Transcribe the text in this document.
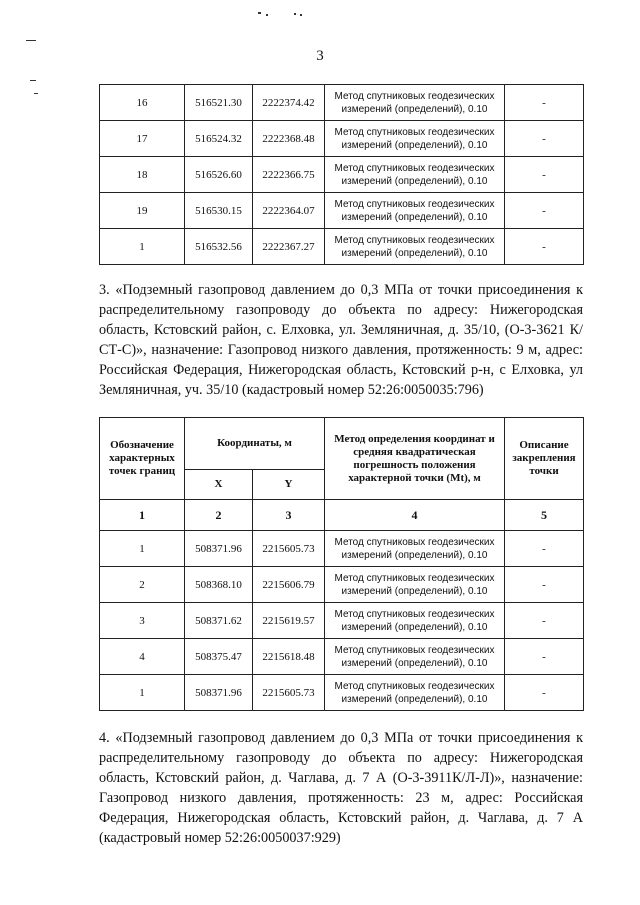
3
16	516521.30	2222374.42	Метод спутниковых геодезических измерений (определений), 0.10	-
17	516524.32	2222368.48	Метод спутниковых геодезических измерений (определений), 0.10	-
18	516526.60	2222366.75	Метод спутниковых геодезических измерений (определений), 0.10	-
19	516530.15	2222364.07	Метод спутниковых геодезических измерений (определений), 0.10	-
1	516532.56	2222367.27	Метод спутниковых геодезических измерений (определений), 0.10	-

3. «Подземный газопровод давлением до 0,3 МПа от точки присоединения к распределительному газопроводу до объекта по адресу: Нижегородская область, Кстовский район, с. Елховка, ул. Земляничная, д. 35/10, (О-3-3621 К/СТ-С)», назначение: Газопровод низкого давления, протяженность: 9 м, адрес: Российская Федерация, Нижегородская область, Кстовский р-н, с Елховка, ул Земляничная, уч. 35/10 (кадастровый номер 52:26:0050035:796)

Обозначение характерных точек границ	Координаты, м		Метод определения координат и средняя квадратическая погрешность положения характерной точки (Mt), м	Описание закрепления точки
	X	Y		
1	2	3	4	5
1	508371.96	2215605.73	Метод спутниковых геодезических измерений (определений), 0.10	-
2	508368.10	2215606.79	Метод спутниковых геодезических измерений (определений), 0.10	-
3	508371.62	2215619.57	Метод спутниковых геодезических измерений (определений), 0.10	-
4	508375.47	2215618.48	Метод спутниковых геодезических измерений (определений), 0.10	-
1	508371.96	2215605.73	Метод спутниковых геодезических измерений (определений), 0.10	-

4. «Подземный газопровод давлением до 0,3 МПа от точки присоединения к распределительному газопроводу до объекта по адресу: Нижегородская область, Кстовский район, д. Чаглава, д. 7 А (О-3-3911К/Л-Л)», назначение: Газопровод низкого давления, протяженность: 23 м, адрес: Российская Федерация, Нижегородская область, Кстовский район, д. Чаглава, д. 7 А (кадастровый номер 52:26:0050037:929)
